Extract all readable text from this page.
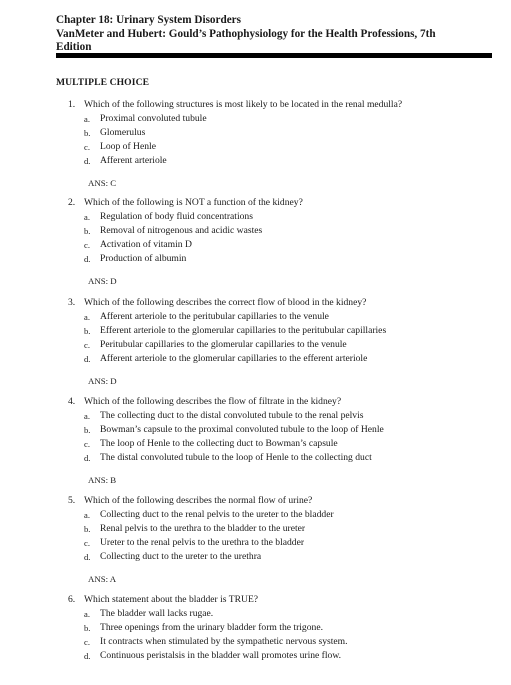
Chapter 18: Urinary System Disorders
VanMeter and Hubert: Gould’s Pathophysiology for the Health Professions, 7th
Edition
MULTIPLE CHOICE
1. Which of the following structures is most likely to be located in the renal medulla?
a.	Proximal convoluted tubule
b. Glomerulus
c.	Loop of Henle
d. Afferent arteriole
ANS: C
2. Which of the following is NOT a function of the kidney?
a.	Regulation of body fluid concentrations
b. Removal of nitrogenous and acidic wastes
c.	Activation of vitamin D
d. Production of albumin
ANS: D
3. Which of the following describes the correct flow of blood in the kidney?
a.	Afferent arteriole to the peritubular capillaries to the venule
b. Efferent arteriole to the glomerular capillaries to the peritubular capillaries
c.	Peritubular capillaries to the glomerular capillaries to the venule
d. Afferent arteriole to the glomerular capillaries to the efferent arteriole
ANS: D
4. Which of the following describes the flow of filtrate in the kidney?
a.	The collecting duct to the distal convoluted tubule to the renal pelvis
b. Bowman’s capsule to the proximal convoluted tubule to the loop of Henle
c.	The loop of Henle to the collecting duct to Bowman’s capsule
d. The distal convoluted tubule to the loop of Henle to the collecting duct
ANS: B
5. Which of the following describes the normal flow of urine?
a.	Collecting duct to the renal pelvis to the ureter to the bladder
b. Renal pelvis to the urethra to the bladder to the ureter
c.	Ureter to the renal pelvis to the urethra to the bladder
d. Collecting duct to the ureter to the urethra
ANS: A
6. Which statement about the bladder is TRUE?
a.	The bladder wall lacks rugae.
b. Three openings from the urinary bladder form the trigone.
c.	It contracts when stimulated by the sympathetic nervous system.
d. Continuous peristalsis in the bladder wall promotes urine flow.
